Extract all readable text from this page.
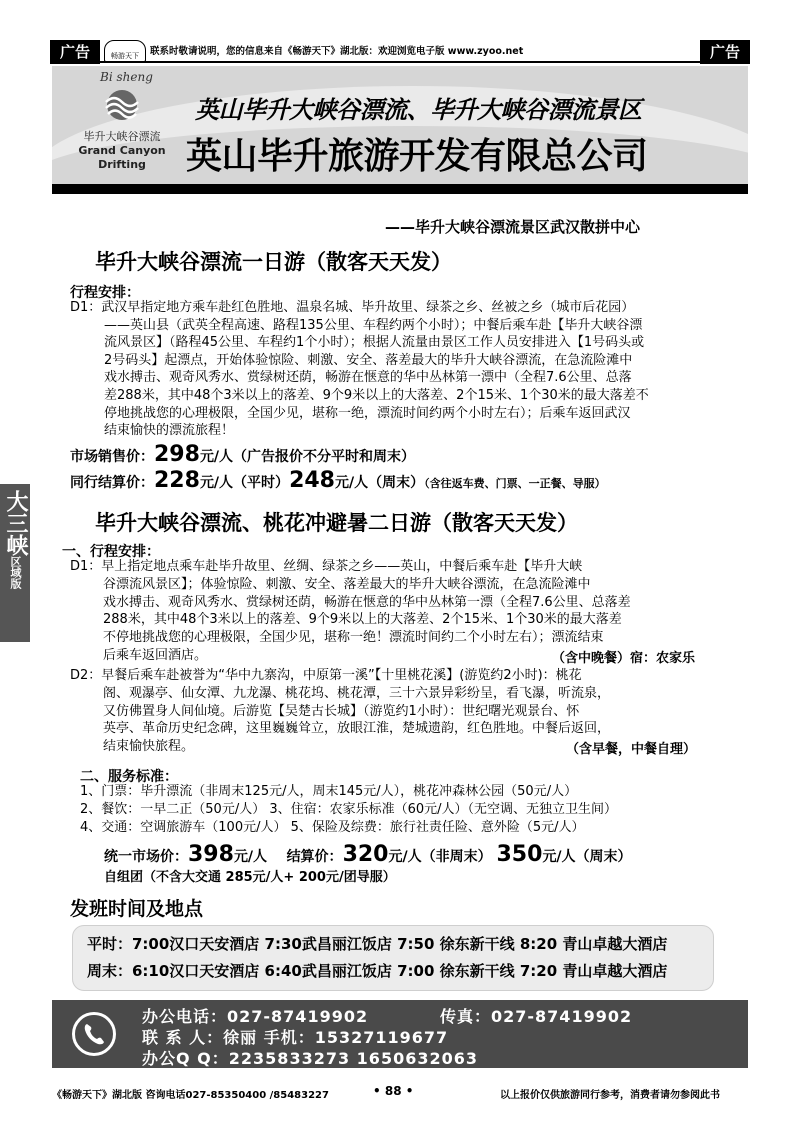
广告	广告
畅游天下	联系时敬请说明，您的信息来自《畅游天下》湖北版：欢迎浏览电子版 www.zyoo.net
Bi sheng
毕升大峡谷漂流
Grand Canyon
Drifting
英山毕升大峡谷漂流、毕升大峡谷漂流景区
英山毕升旅游开发有限总公司
——毕升大峡谷漂流景区武汉散拼中心
毕升大峡谷漂流一日游（散客天天发）
行程安排：
D1：武汉早指定地方乘车赴红色胜地、温泉名城、毕升故里、绿茶之乡、丝被之乡（城市后花园）
——英山县（武英全程高速、路程135公里、车程约两个小时）；中餐后乘车赴【毕升大峡谷漂
流风景区】（路程45公里、车程约1个小时）；根据人流量由景区工作人员安排进入【1号码头或
2号码头】起漂点，开始体验惊险、刺激、安全、落差最大的毕升大峡谷漂流，在急流险滩中
戏水搏击、观奇风秀水、赏绿树还荫，畅游在惬意的华中丛林第一漂中（全程7.6公里、总落
差288米，其中48个3米以上的落差、9个9米以上的大落差、2个15米、1个30米的最大落差不
停地挑战您的心理极限，全国少见，堪称一绝，漂流时间约两个小时左右）；后乘车返回武汉
结束愉快的漂流旅程！
市场销售价：298元/人（广告报价不分平时和周末）
同行结算价：228元/人（平时）248元/人（周末）（含往返车费、门票、一正餐、导服）
大三峡
区域版
毕升大峡谷漂流、桃花冲避暑二日游（散客天天发）
一、行程安排：
D1：早上指定地点乘车赴毕升故里、丝绸、绿茶之乡——英山，中餐后乘车赴【毕升大峡
谷漂流风景区】；体验惊险、刺激、安全、落差最大的毕升大峡谷漂流，在急流险滩中
戏水搏击、观奇风秀水、赏绿树还荫，畅游在惬意的华中丛林第一漂（全程7.6公里、总落差
288米，其中48个3米以上的落差、9个9米以上的大落差、2个15米、1个30米的最大落差
不停地挑战您的心理极限，全国少见，堪称一绝！漂流时间约二个小时左右）；漂流结束
后乘车返回酒店。	（含中晚餐）宿：农家乐
D2：早餐后乘车赴被誉为“华中九寨沟，中原第一溪”【十里桃花溪】(游览约2小时)：桃花
阁、观瀑亭、仙女潭、九龙瀑、桃花坞、桃花潭，三十六景异彩纷呈，看飞瀑，听流泉，
又仿佛置身人间仙境。后游览【吴楚古长城】（游览约1小时）：世纪曙光观景台、怀
英亭、革命历史纪念碑，这里巍巍耸立，放眼江淮，楚城遗韵，红色胜地。中餐后返回，
结束愉快旅程。	（含早餐，中餐自理）
二、服务标准：
1、门票：毕升漂流（非周末125元/人，周末145元/人），桃花冲森林公园（50元/人）
2、餐饮：一早二正（50元/人） 3、住宿：农家乐标准（60元/人）（无空调、无独立卫生间）
4、交通：空调旅游车（100元/人） 5、保险及综费：旅行社责任险、意外险（5元/人）
统一市场价：398元/人 结算价：320元/人（非周末） 350元/人（周末）
自组团（不含大交通 285元/人+ 200元/团导服）
发班时间及地点
平时：7:00汉口天安酒店 7:30武昌丽江饭店 7:50 徐东新干线 8:20 青山卓越大酒店
周末：6:10汉口天安酒店 6:40武昌丽江饭店 7:00 徐东新干线 7:20 青山卓越大酒店
办公电话：027-87419902	传真：027-87419902
联 系 人：徐丽 手机：15327119677
办公Q Q：2235833273 1650632063
《畅游天下》湖北版 咨询电话027-85350400 /85483227	• 88 •	以上报价仅供旅游同行参考，消费者请勿参阅此书
